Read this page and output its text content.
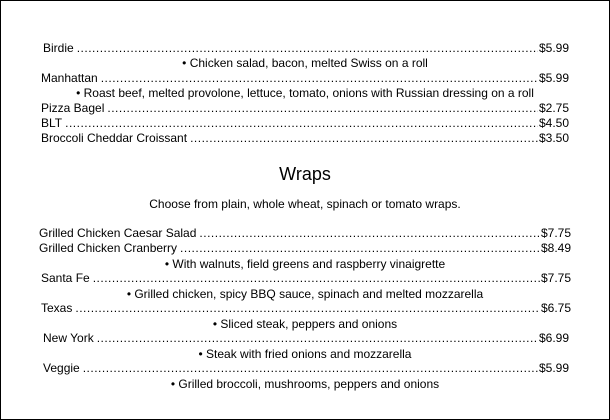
Birdie .....	$5.99
• Chicken salad, bacon, melted Swiss on a roll
Manhattan .....	$5.99
• Roast beef, melted provolone, lettuce, tomato, onions with Russian dressing on a roll
Pizza Bagel .....	$2.75
BLT .....	$4.50
Broccoli Cheddar Croissant .....	$3.50
Wraps
Choose from plain, whole wheat, spinach or tomato wraps.
Grilled Chicken Caesar Salad .....	$7.75
Grilled Chicken Cranberry .....	$8.49
• With walnuts, field greens and raspberry vinaigrette
Santa Fe .....	$7.75
• Grilled chicken, spicy BBQ sauce, spinach and melted mozzarella
Texas .....	$6.75
• Sliced steak, peppers and onions
New York .....	$6.99
• Steak with fried onions and mozzarella
Veggie .....	$5.99
• Grilled broccoli, mushrooms, peppers and onions
